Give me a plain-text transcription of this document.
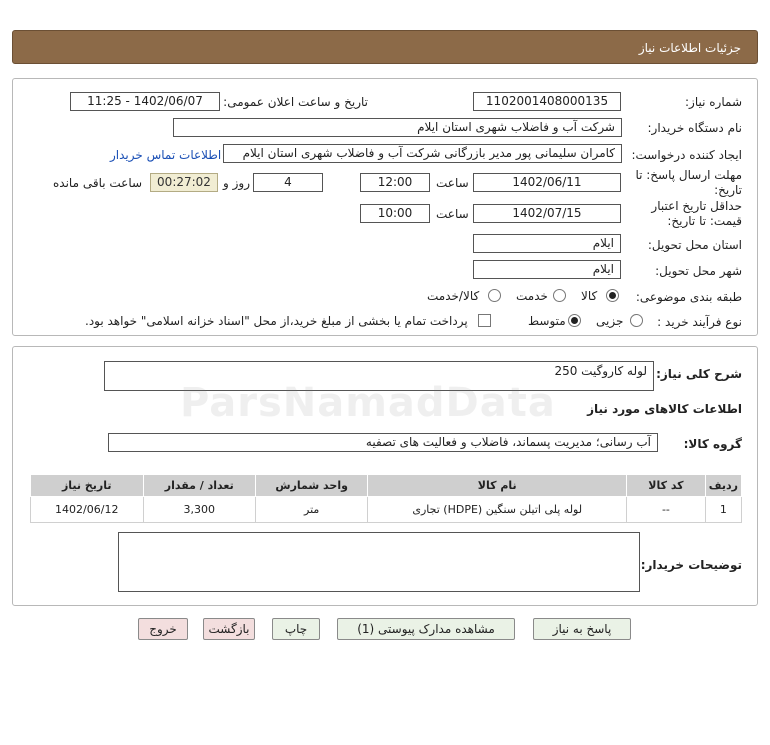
جزئیات اطلاعات نیاز
شماره نیاز:
1102001408000135
تاریخ و ساعت اعلان عمومی:
1402/06/07 - 11:25
نام دستگاه خریدار:
شرکت آب و فاضلاب شهری استان ایلام
ایجاد کننده درخواست:
کامران سلیمانی پور مدیر بازرگانی شرکت آب و فاضلاب شهری استان ایلام
اطلاعات تماس خریدار
مهلت ارسال پاسخ: تا تاریخ:
1402/06/11
ساعت
12:00
4
روز و
00:27:02
ساعت باقی مانده
حداقل تاریخ اعتبار قیمت: تا تاریخ:
1402/07/15
ساعت
10:00
استان محل تحویل:
ایلام
شهر محل تحویل:
ایلام
طبقه بندی موضوعی:
کالا
خدمت
کالا/خدمت
نوع فرآیند خرید :
جزیی
متوسط
پرداخت تمام یا بخشی از مبلغ خرید،از محل "اسناد خزانه اسلامی" خواهد بود.
شرح کلی نیاز:
لوله کاروگیت 250
اطلاعات کالاهای مورد نیاز
گروه کالا:
آب رسانی؛ مدیریت پسماند، فاضلاب و فعالیت های تصفیه
ردیف	کد کالا	نام کالا	واحد شمارش	تعداد / مقدار	تاریخ نیاز
1	--	لوله پلی اتیلن سنگین (HDPE) تجاری	متر	3,300	1402/06/12
توضیحات خریدار:
پاسخ به نیاز
مشاهده مدارک پیوستی (1)
چاپ
بازگشت
خروج
ParsNamadData
